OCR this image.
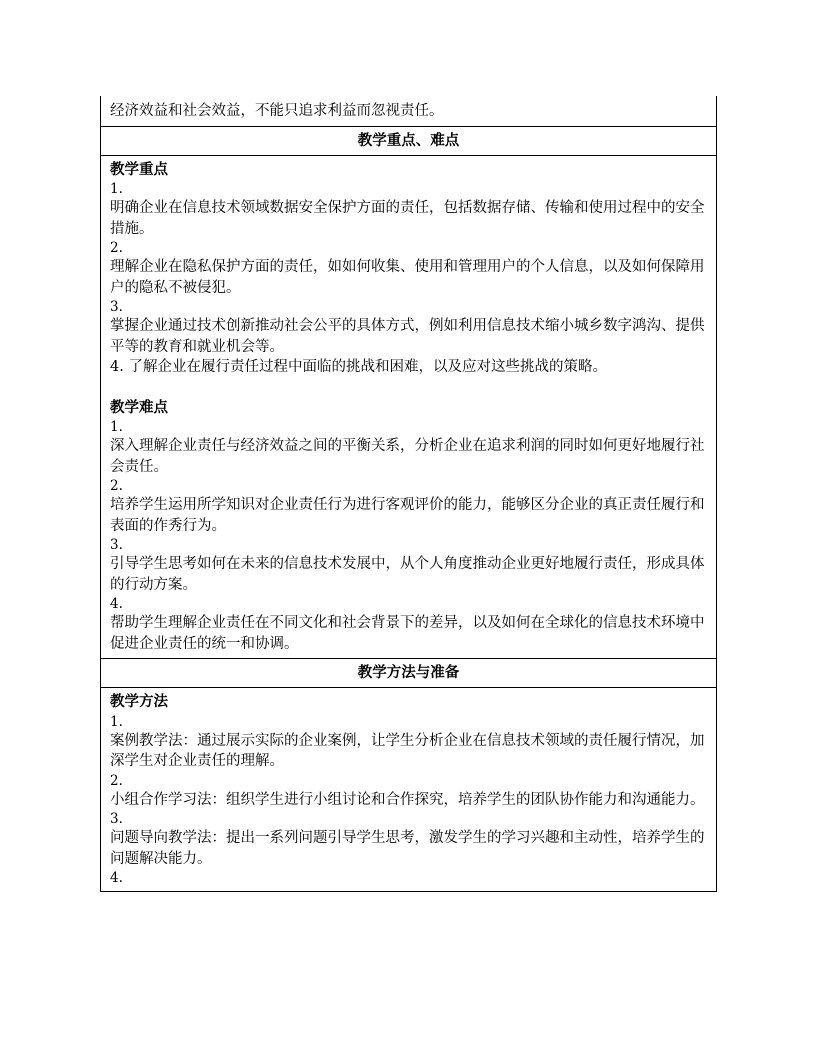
经济效益和社会效益，不能只追求利益而忽视责任。
教学重点、难点
教学重点
1.
明确企业在信息技术领域数据安全保护方面的责任，包括数据存储、传输和使用过程中的安全措施。
2.
理解企业在隐私保护方面的责任，如如何收集、使用和管理用户的个人信息，以及如何保障用户的隐私不被侵犯。
3.
掌握企业通过技术创新推动社会公平的具体方式，例如利用信息技术缩小城乡数字鸿沟、提供平等的教育和就业机会等。
4. 了解企业在履行责任过程中面临的挑战和困难，以及应对这些挑战的策略。
教学难点
1.
深入理解企业责任与经济效益之间的平衡关系，分析企业在追求利润的同时如何更好地履行社会责任。
2.
培养学生运用所学知识对企业责任行为进行客观评价的能力，能够区分企业的真正责任履行和表面的作秀行为。
3.
引导学生思考如何在未来的信息技术发展中，从个人角度推动企业更好地履行责任，形成具体的行动方案。
4.
帮助学生理解企业责任在不同文化和社会背景下的差异，以及如何在全球化的信息技术环境中促进企业责任的统一和协调。
教学方法与准备
教学方法
1.
案例教学法：通过展示实际的企业案例，让学生分析企业在信息技术领域的责任履行情况，加深学生对企业责任的理解。
2.
小组合作学习法：组织学生进行小组讨论和合作探究，培养学生的团队协作能力和沟通能力。
3.
问题导向教学法：提出一系列问题引导学生思考，激发学生的学习兴趣和主动性，培养学生的问题解决能力。
4.
